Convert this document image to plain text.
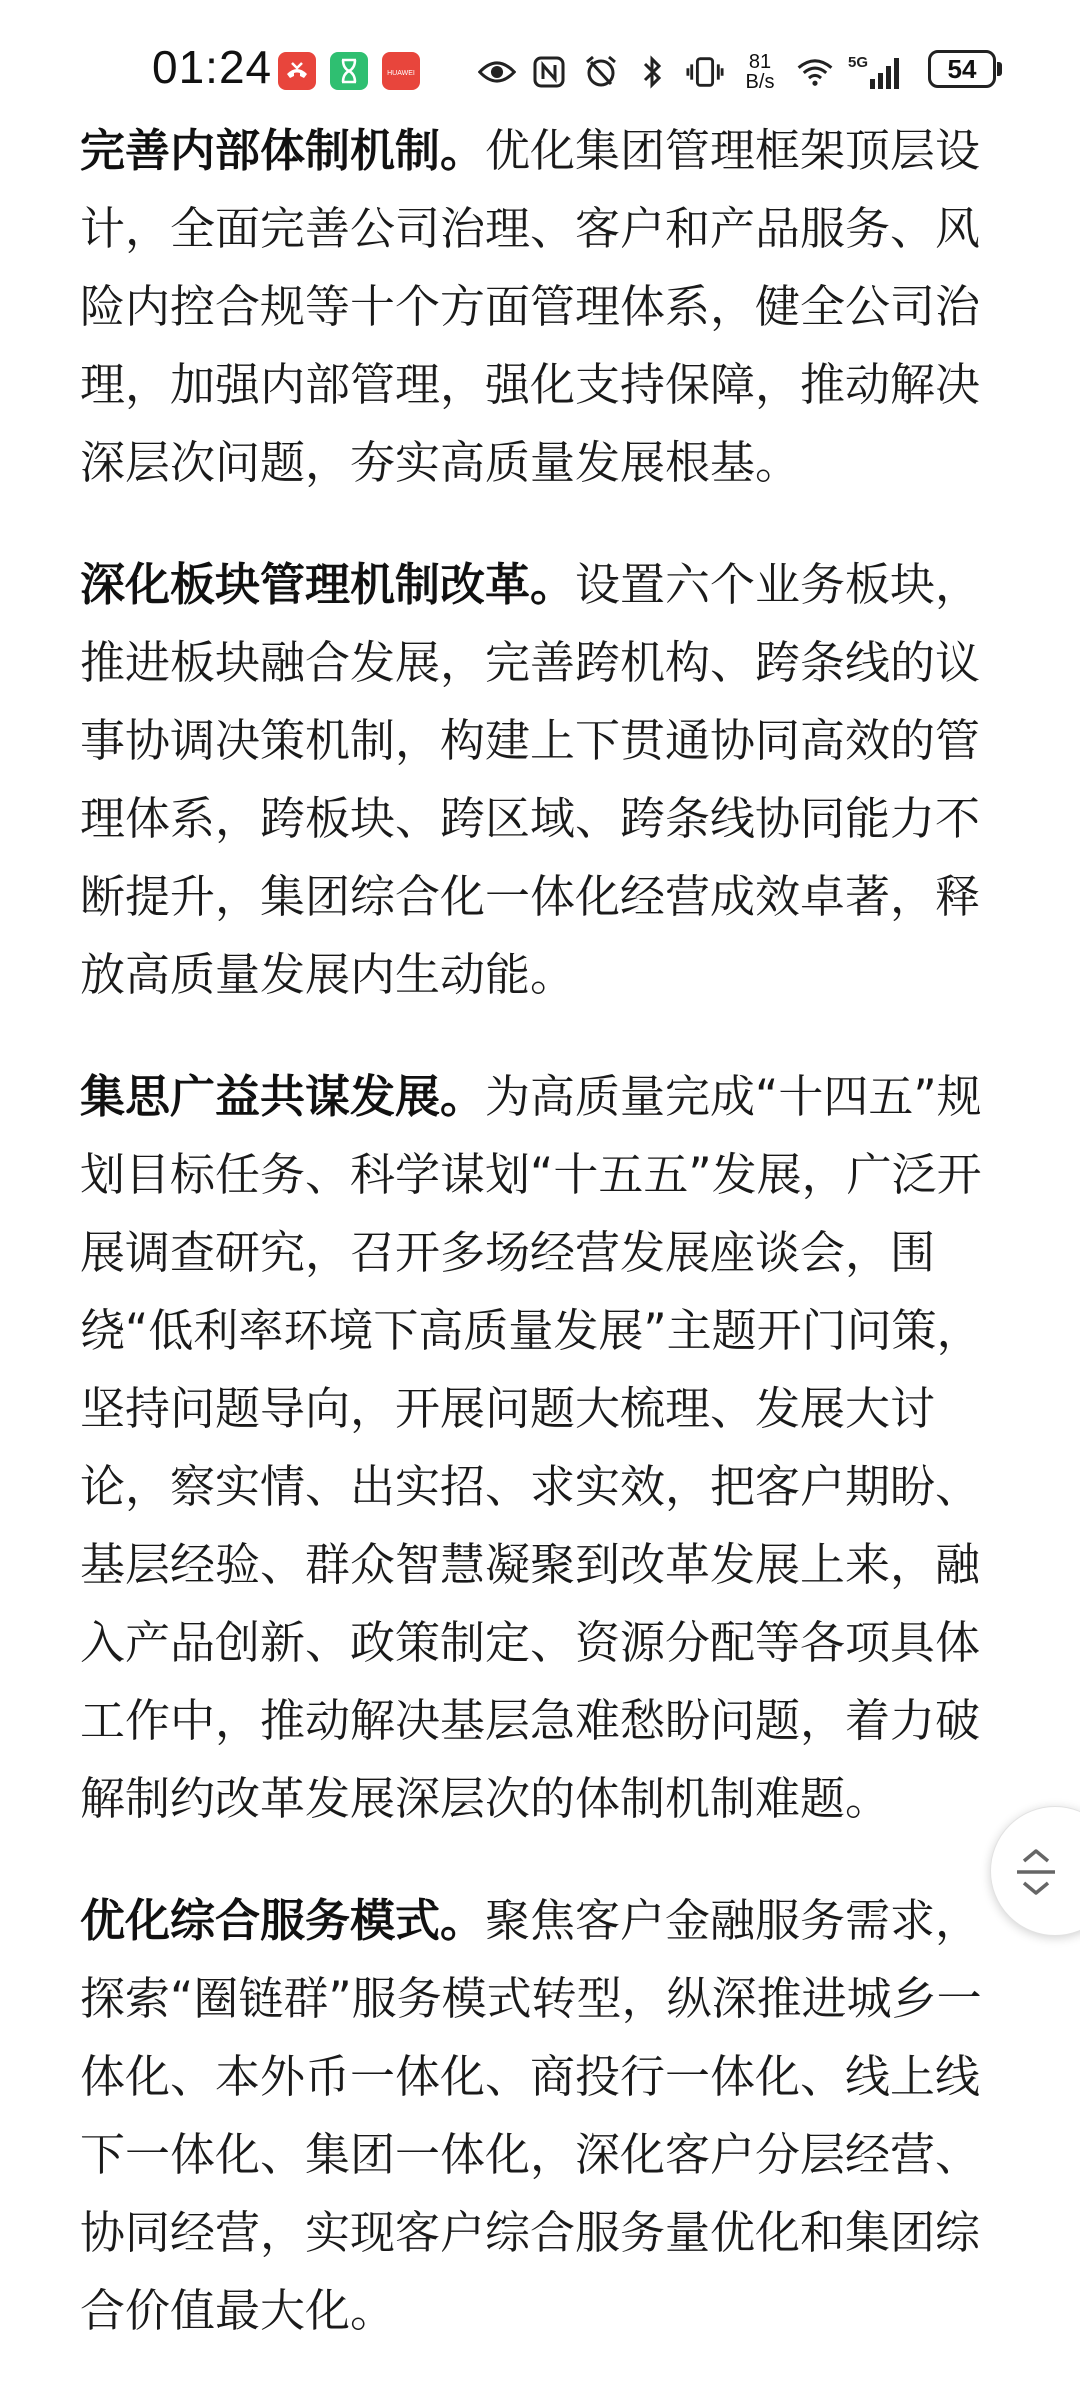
01:24	HUAWEI
81
B/s
5G	54

完善内部体制机制。优化集团管理框架顶层设计，全面完善公司治理、客户和产品服务、风险内控合规等十个方面管理体系，健全公司治理，加强内部管理，强化支持保障，推动解决深层次问题，夯实高质量发展根基。

深化板块管理机制改革。设置六个业务板块，推进板块融合发展，完善跨机构、跨条线的议事协调决策机制，构建上下贯通协同高效的管理体系，跨板块、跨区域、跨条线协同能力不断提升，集团综合化一体化经营成效卓著，释放高质量发展内生动能。

集思广益共谋发展。为高质量完成“十四五”规划目标任务、科学谋划“十五五”发展，广泛开展调查研究，召开多场经营发展座谈会，围绕“低利率环境下高质量发展”主题开门问策，坚持问题导向，开展问题大梳理、发展大讨论，察实情、出实招、求实效，把客户期盼、基层经验、群众智慧凝聚到改革发展上来，融入产品创新、政策制定、资源分配等各项具体工作中，推动解决基层急难愁盼问题，着力破解制约改革发展深层次的体制机制难题。

优化综合服务模式。聚焦客户金融服务需求，探索“圈链群”服务模式转型，纵深推进城乡一体化、本外币一体化、商投行一体化、线上线下一体化、集团一体化，深化客户分层经营、协同经营，实现客户综合服务量优化和集团综合价值最大化。
